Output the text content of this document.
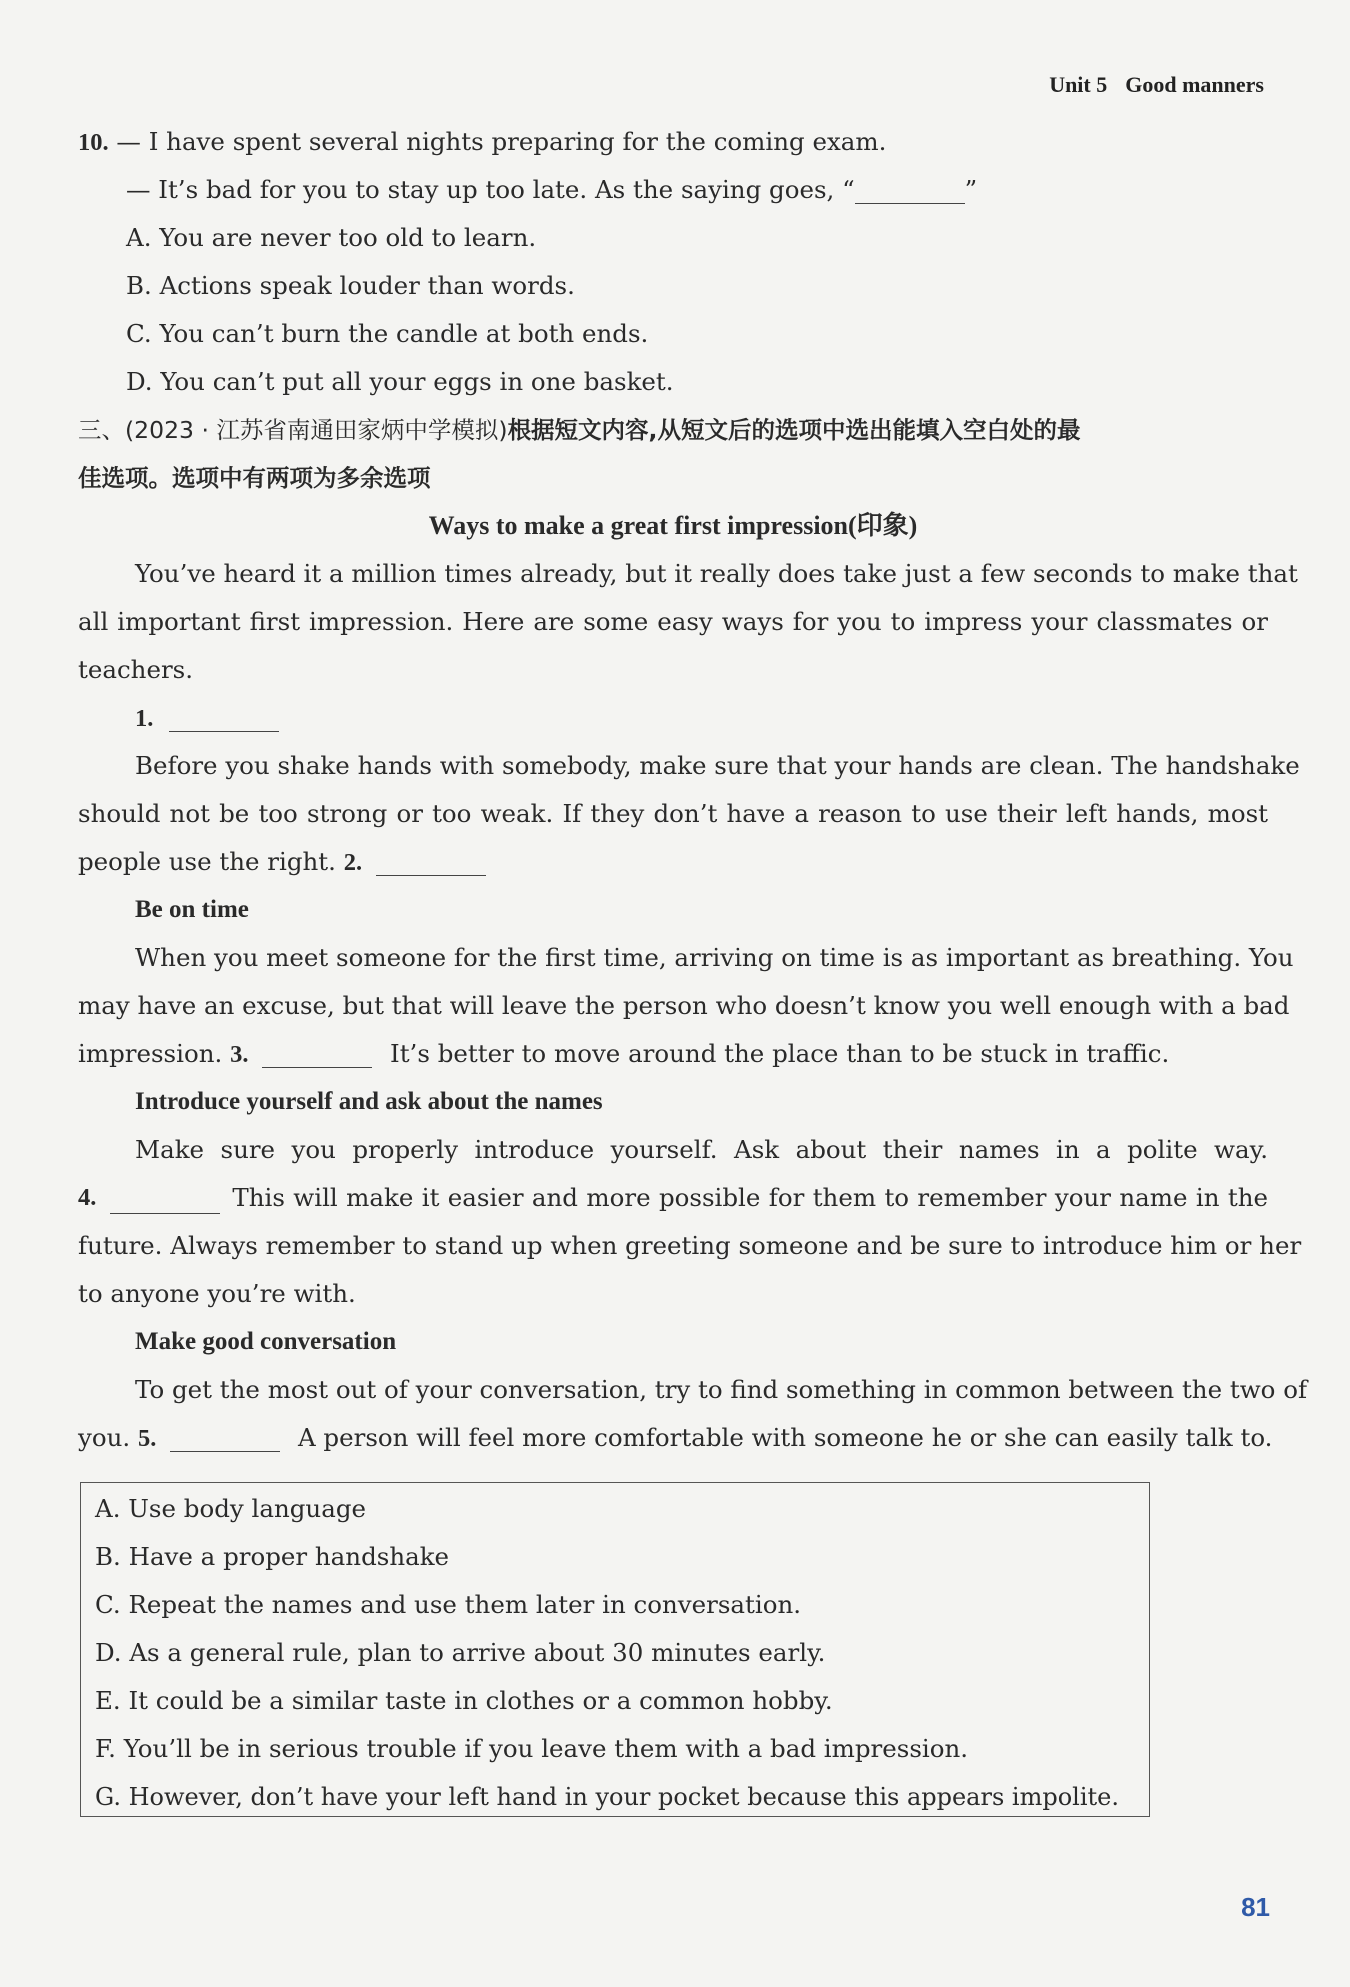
Unit 5 Good manners
10. — I have spent several nights preparing for the coming exam.
— It’s bad for you to stay up too late. As the saying goes, “	”
A. You are never too old to learn.
B. Actions speak louder than words.
C. You can’t burn the candle at both ends.
D. You can’t put all your eggs in one basket.
三、(2023 · 江苏省南通田家炳中学模拟)根据短文内容,从短文后的选项中选出能填入空白处的最
佳选项。选项中有两项为多余选项
Ways to make a great first impression(印象)
You’ve heard it a million times already, but it really does take just a few seconds to make that
all important first impression. Here are some easy ways for you to impress your classmates or
teachers.
1.
Before you shake hands with somebody, make sure that your hands are clean. The handshake
should not be too strong or too weak. If they don’t have a reason to use their left hands, most
people use the right. 2.
Be on time
When you meet someone for the first time, arriving on time is as important as breathing. You
may have an excuse, but that will leave the person who doesn’t know you well enough with a bad
impression. 3.	It’s better to move around the place than to be stuck in traffic.
Introduce yourself and ask about the names
Make sure you properly introduce yourself. Ask about their names in a polite way.
4.	This will make it easier and more possible for them to remember your name in the
future. Always remember to stand up when greeting someone and be sure to introduce him or her
to anyone you’re with.
Make good conversation
To get the most out of your conversation, try to find something in common between the two of
you. 5.	A person will feel more comfortable with someone he or she can easily talk to.
A. Use body language
B. Have a proper handshake
C. Repeat the names and use them later in conversation.
D. As a general rule, plan to arrive about 30 minutes early.
E. It could be a similar taste in clothes or a common hobby.
F. You’ll be in serious trouble if you leave them with a bad impression.
G. However, don’t have your left hand in your pocket because this appears impolite.
81
